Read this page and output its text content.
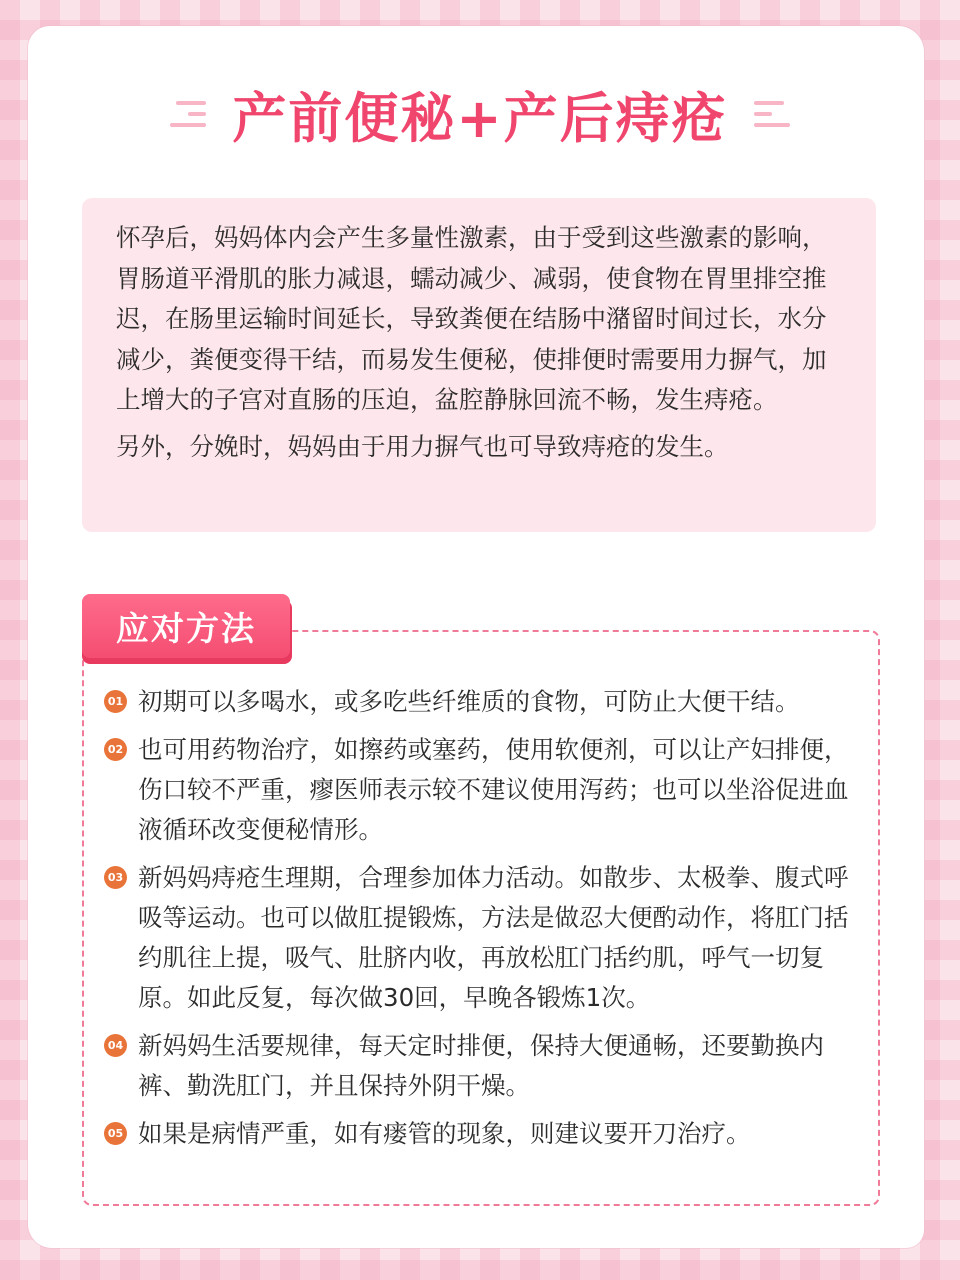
产前便秘+产后痔疮

怀孕后，妈妈体内会产生多量性激素，由于受到这些激素的影响，胃肠道平滑肌的胀力减退，蠕动减少、减弱，使食物在胃里排空推迟，在肠里运输时间延长，导致粪便在结肠中潴留时间过长，水分减少，粪便变得干结，而易发生便秘，使排便时需要用力摒气，加上增大的子宫对直肠的压迫，盆腔静脉回流不畅，发生痔疮。

另外，分娩时，妈妈由于用力摒气也可导致痔疮的发生。

应对方法
01 初期可以多喝水，或多吃些纤维质的食物，可防止大便干结。
02 也可用药物治疗，如擦药或塞药，使用软便剂，可以让产妇排便，伤口较不严重，瘳医师表示较不建议使用泻药；也可以坐浴促进血液循环改变便秘情形。
03 新妈妈痔疮生理期，合理参加体力活动。如散步、太极拳、腹式呼吸等运动。也可以做肛提锻炼，方法是做忍大便酌动作，将肛门括约肌往上提，吸气、肚脐内收，再放松肛门括约肌，呼气一切复原。如此反复，每次做30回，早晚各锻炼1次。
04 新妈妈生活要规律，每天定时排便，保持大便通畅，还要勤换内裤、勤洗肛门，并且保持外阴干燥。
05 如果是病情严重，如有瘘管的现象，则建议要开刀治疗。
